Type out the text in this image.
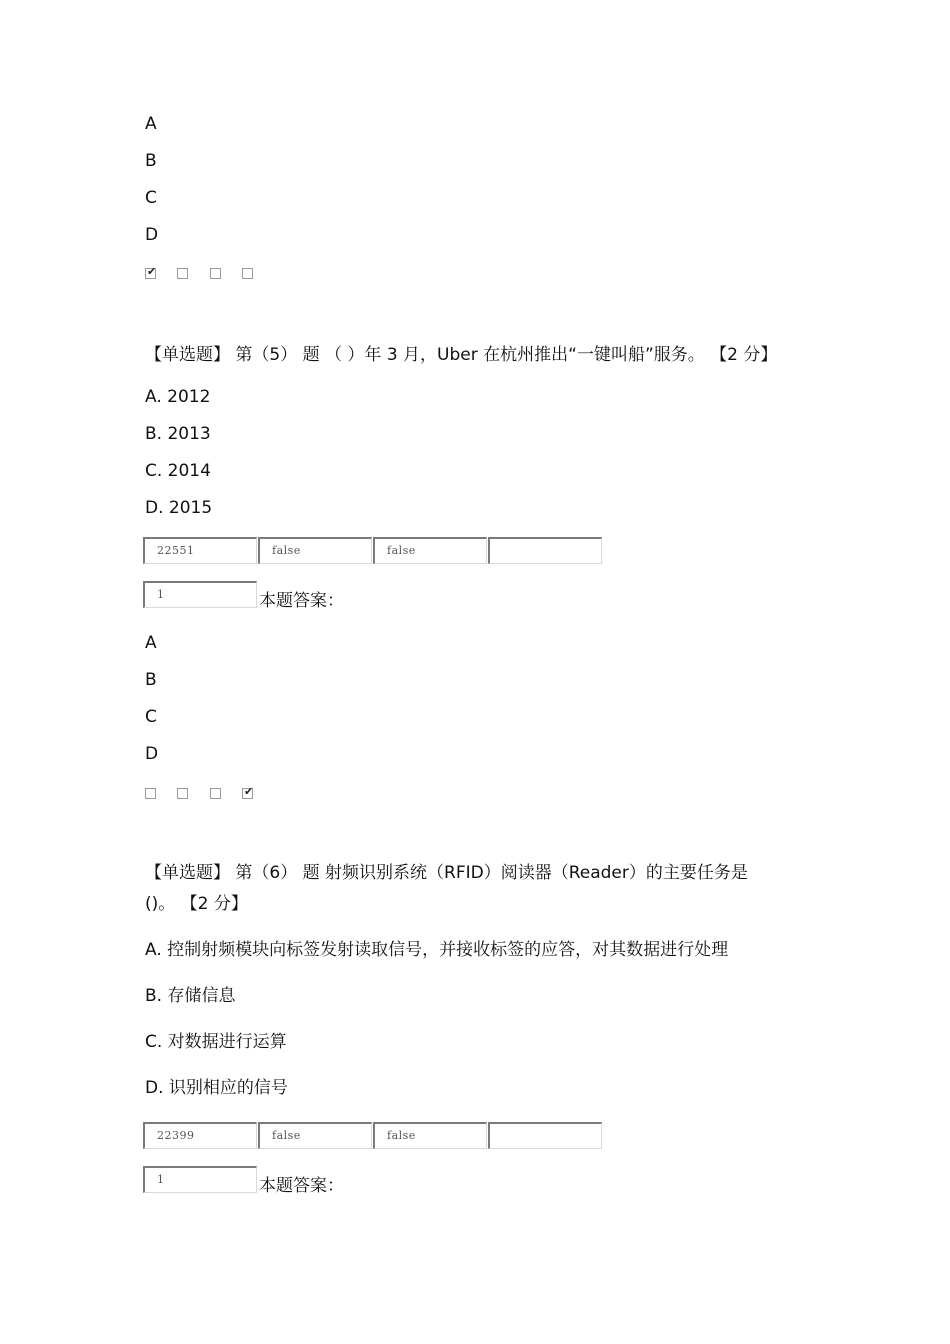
A
B
C
D
✔
【单选题】 第（5） 题 （ ）年 3 月，Uber 在杭州推出“一键叫船”服务。 【2 分】
A. 2012
B. 2013
C. 2014
D. 2015
22551	false	false
1	本题答案：
A
B
C
D
✔
【单选题】 第（6） 题 射频识别系统（RFID）阅读器（Reader）的主要任务是
()。 【2 分】
A. 控制射频模块向标签发射读取信号，并接收标签的应答，对其数据进行处理
B. 存储信息
C. 对数据进行运算
D. 识别相应的信号
22399	false	false
1	本题答案：
